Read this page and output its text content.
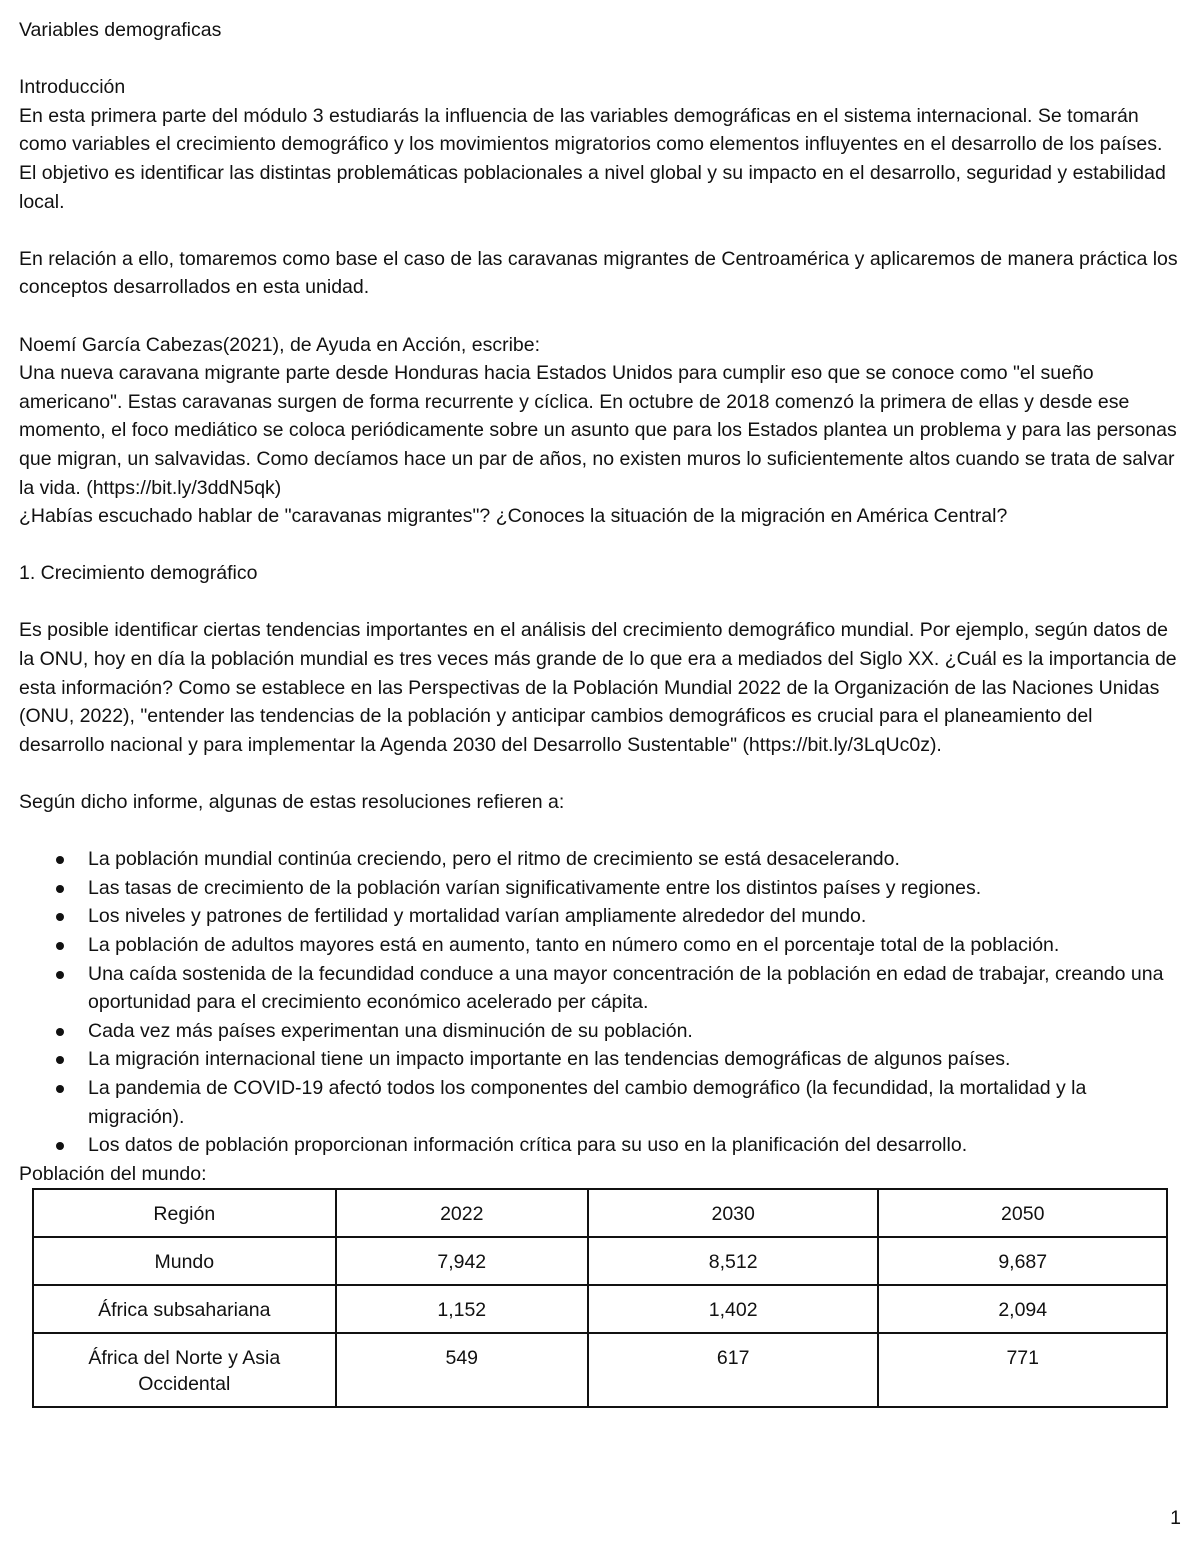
Variables demograficas

Introducción

En esta primera parte del módulo 3 estudiarás la influencia de las variables demográficas en el sistema internacional. Se tomarán como variables el crecimiento demográfico y los movimientos migratorios como elementos influyentes en el desarrollo de los países. El objetivo es identificar las distintas problemáticas poblacionales a nivel global y su impacto en el desarrollo, seguridad y estabilidad local.

En relación a ello, tomaremos como base el caso de las caravanas migrantes de Centroamérica y aplicaremos de manera práctica los conceptos desarrollados en esta unidad.

Noemí García Cabezas(2021), de Ayuda en Acción, escribe:

Una nueva caravana migrante parte desde Honduras hacia Estados Unidos para cumplir eso que se conoce como "el sueño americano". Estas caravanas surgen de forma recurrente y cíclica. En octubre de 2018 comenzó la primera de ellas y desde ese momento, el foco mediático se coloca periódicamente sobre un asunto que para los Estados plantea un problema y para las personas que migran, un salvavidas. Como decíamos hace un par de años, no existen muros lo suficientemente altos cuando se trata de salvar la vida. (https://bit.ly/3ddN5qk)

¿Habías escuchado hablar de "caravanas migrantes"? ¿Conoces la situación de la migración en América Central?

1. Crecimiento demográfico

Es posible identificar ciertas tendencias importantes en el análisis del crecimiento demográfico mundial. Por ejemplo, según datos de la ONU, hoy en día la población mundial es tres veces más grande de lo que era a mediados del Siglo XX. ¿Cuál es la importancia de esta información? Como se establece en las Perspectivas de la Población Mundial 2022 de la Organización de las Naciones Unidas (ONU, 2022), "entender las tendencias de la población y anticipar cambios demográficos es crucial para el planeamiento del desarrollo nacional y para implementar la Agenda 2030 del Desarrollo Sustentable" (https://bit.ly/3LqUc0z).

Según dicho informe, algunas de estas resoluciones refieren a:

La población mundial continúa creciendo, pero el ritmo de crecimiento se está desacelerando.
Las tasas de crecimiento de la población varían significativamente entre los distintos países y regiones.
Los niveles y patrones de fertilidad y mortalidad varían ampliamente alrededor del mundo.
La población de adultos mayores está en aumento, tanto en número como en el porcentaje total de la población.
Una caída sostenida de la fecundidad conduce a una mayor concentración de la población en edad de trabajar, creando una oportunidad para el crecimiento económico acelerado per cápita.
Cada vez más países experimentan una disminución de su población.
La migración internacional tiene un impacto importante en las tendencias demográficas de algunos países.
La pandemia de COVID-19 afectó todos los componentes del cambio demográfico (la fecundidad, la mortalidad y la migración).
Los datos de población proporcionan información crítica para su uso en la planificación del desarrollo.

Población del mundo:

Región	2022	2030	2050
Mundo	7,942	8,512	9,687
África subsahariana	1,152	1,402	2,094
África del Norte y Asia Occidental	549	617	771
1
